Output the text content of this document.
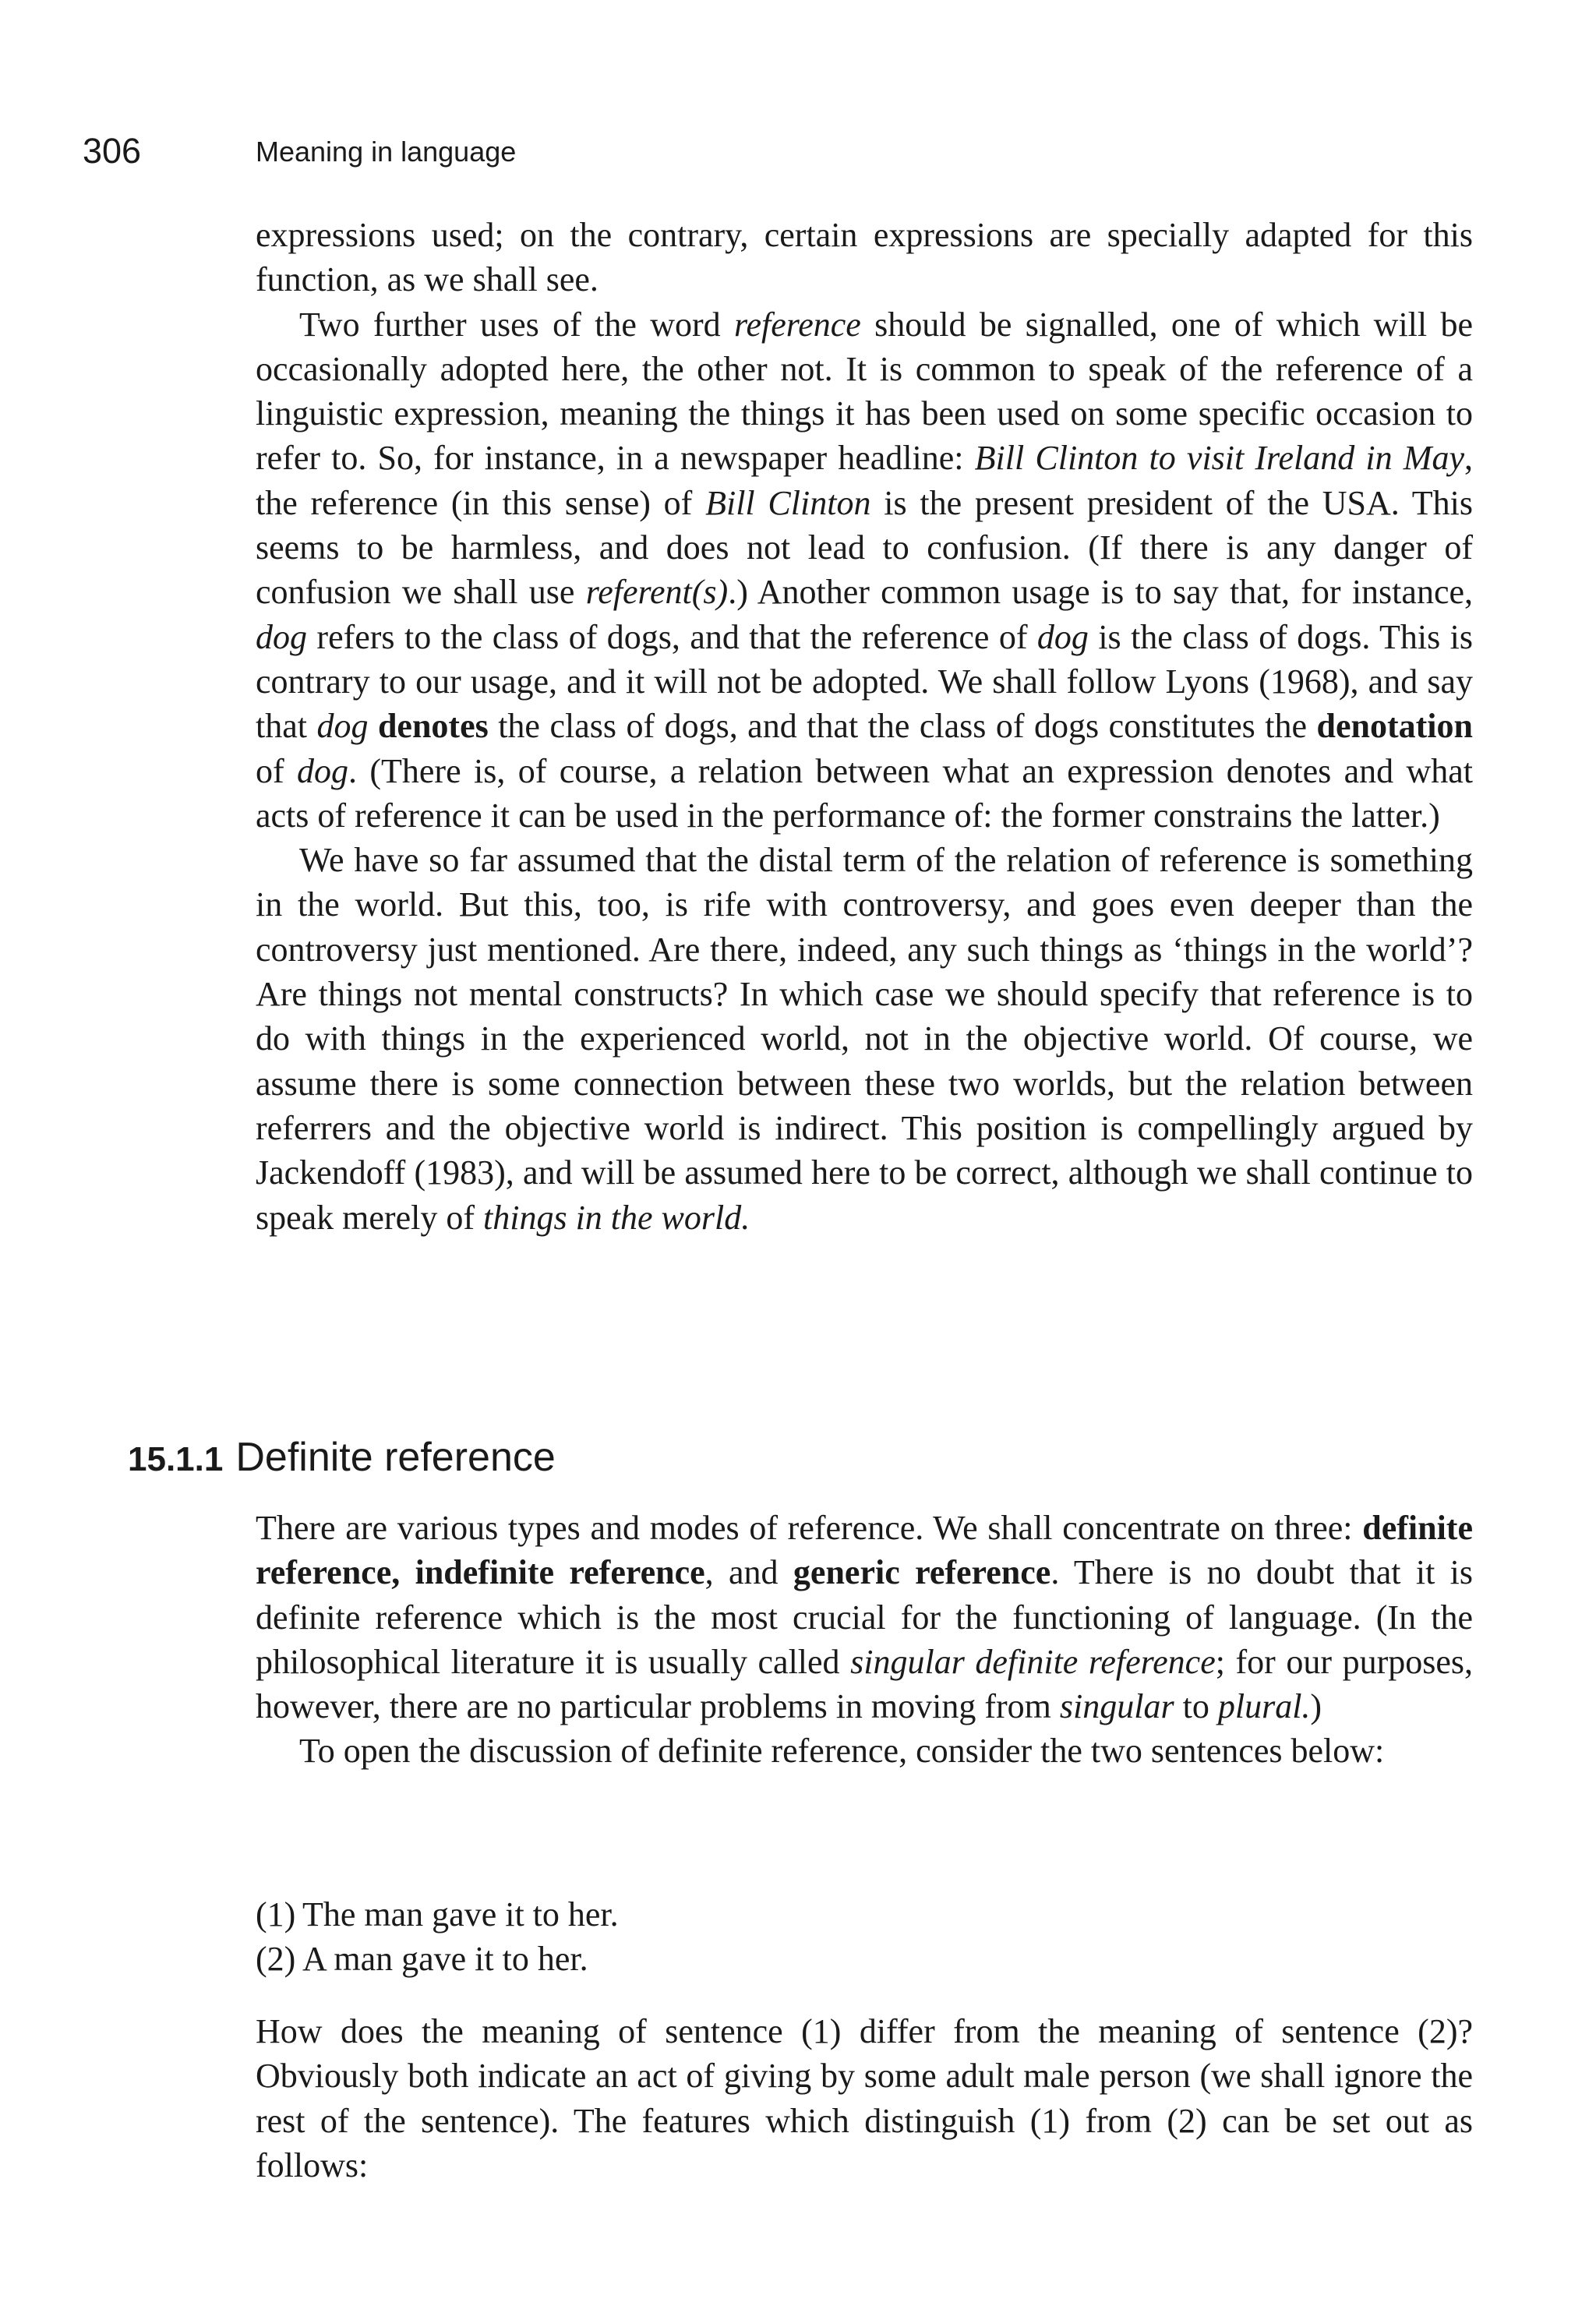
306	Meaning in language

expressions used; on the contrary, certain expressions are specially adapted for this function, as we shall see.

Two further uses of the word reference should be signalled, one of which will be occasionally adopted here, the other not. It is common to speak of the reference of a linguistic expression, meaning the things it has been used on some specific occasion to refer to. So, for instance, in a newspaper headline: Bill Clinton to visit Ireland in May, the reference (in this sense) of Bill Clinton is the present president of the USA. This seems to be harmless, and does not lead to confusion. (If there is any danger of confusion we shall use referent(s).) Another common usage is to say that, for instance, dog refers to the class of dogs, and that the reference of dog is the class of dogs. This is contrary to our usage, and it will not be adopted. We shall follow Lyons (1968), and say that dog denotes the class of dogs, and that the class of dogs constitutes the denotation of dog. (There is, of course, a relation between what an expression denotes and what acts of reference it can be used in the performance of: the former constrains the latter.)

We have so far assumed that the distal term of the relation of reference is something in the world. But this, too, is rife with controversy, and goes even deeper than the controversy just mentioned. Are there, indeed, any such things as ‘things in the world’? Are things not mental constructs? In which case we should specify that reference is to do with things in the experienced world, not in the objective world. Of course, we assume there is some connection between these two worlds, but the relation between referrers and the objective world is indirect. This position is compellingly argued by Jackendoff (1983), and will be assumed here to be correct, although we shall continue to speak merely of things in the world.

15.1.1 Definite reference

There are various types and modes of reference. We shall concentrate on three: definite reference, indefinite reference, and generic reference. There is no doubt that it is definite reference which is the most crucial for the functioning of language. (In the philosophical literature it is usually called singular definite reference; for our purposes, however, there are no particular problems in moving from singular to plural.)

To open the discussion of definite reference, consider the two sentences below:

(1) The man gave it to her.
(2) A man gave it to her.

How does the meaning of sentence (1) differ from the meaning of sentence (2)? Obviously both indicate an act of giving by some adult male person (we shall ignore the rest of the sentence). The features which distinguish (1) from (2) can be set out as follows:
